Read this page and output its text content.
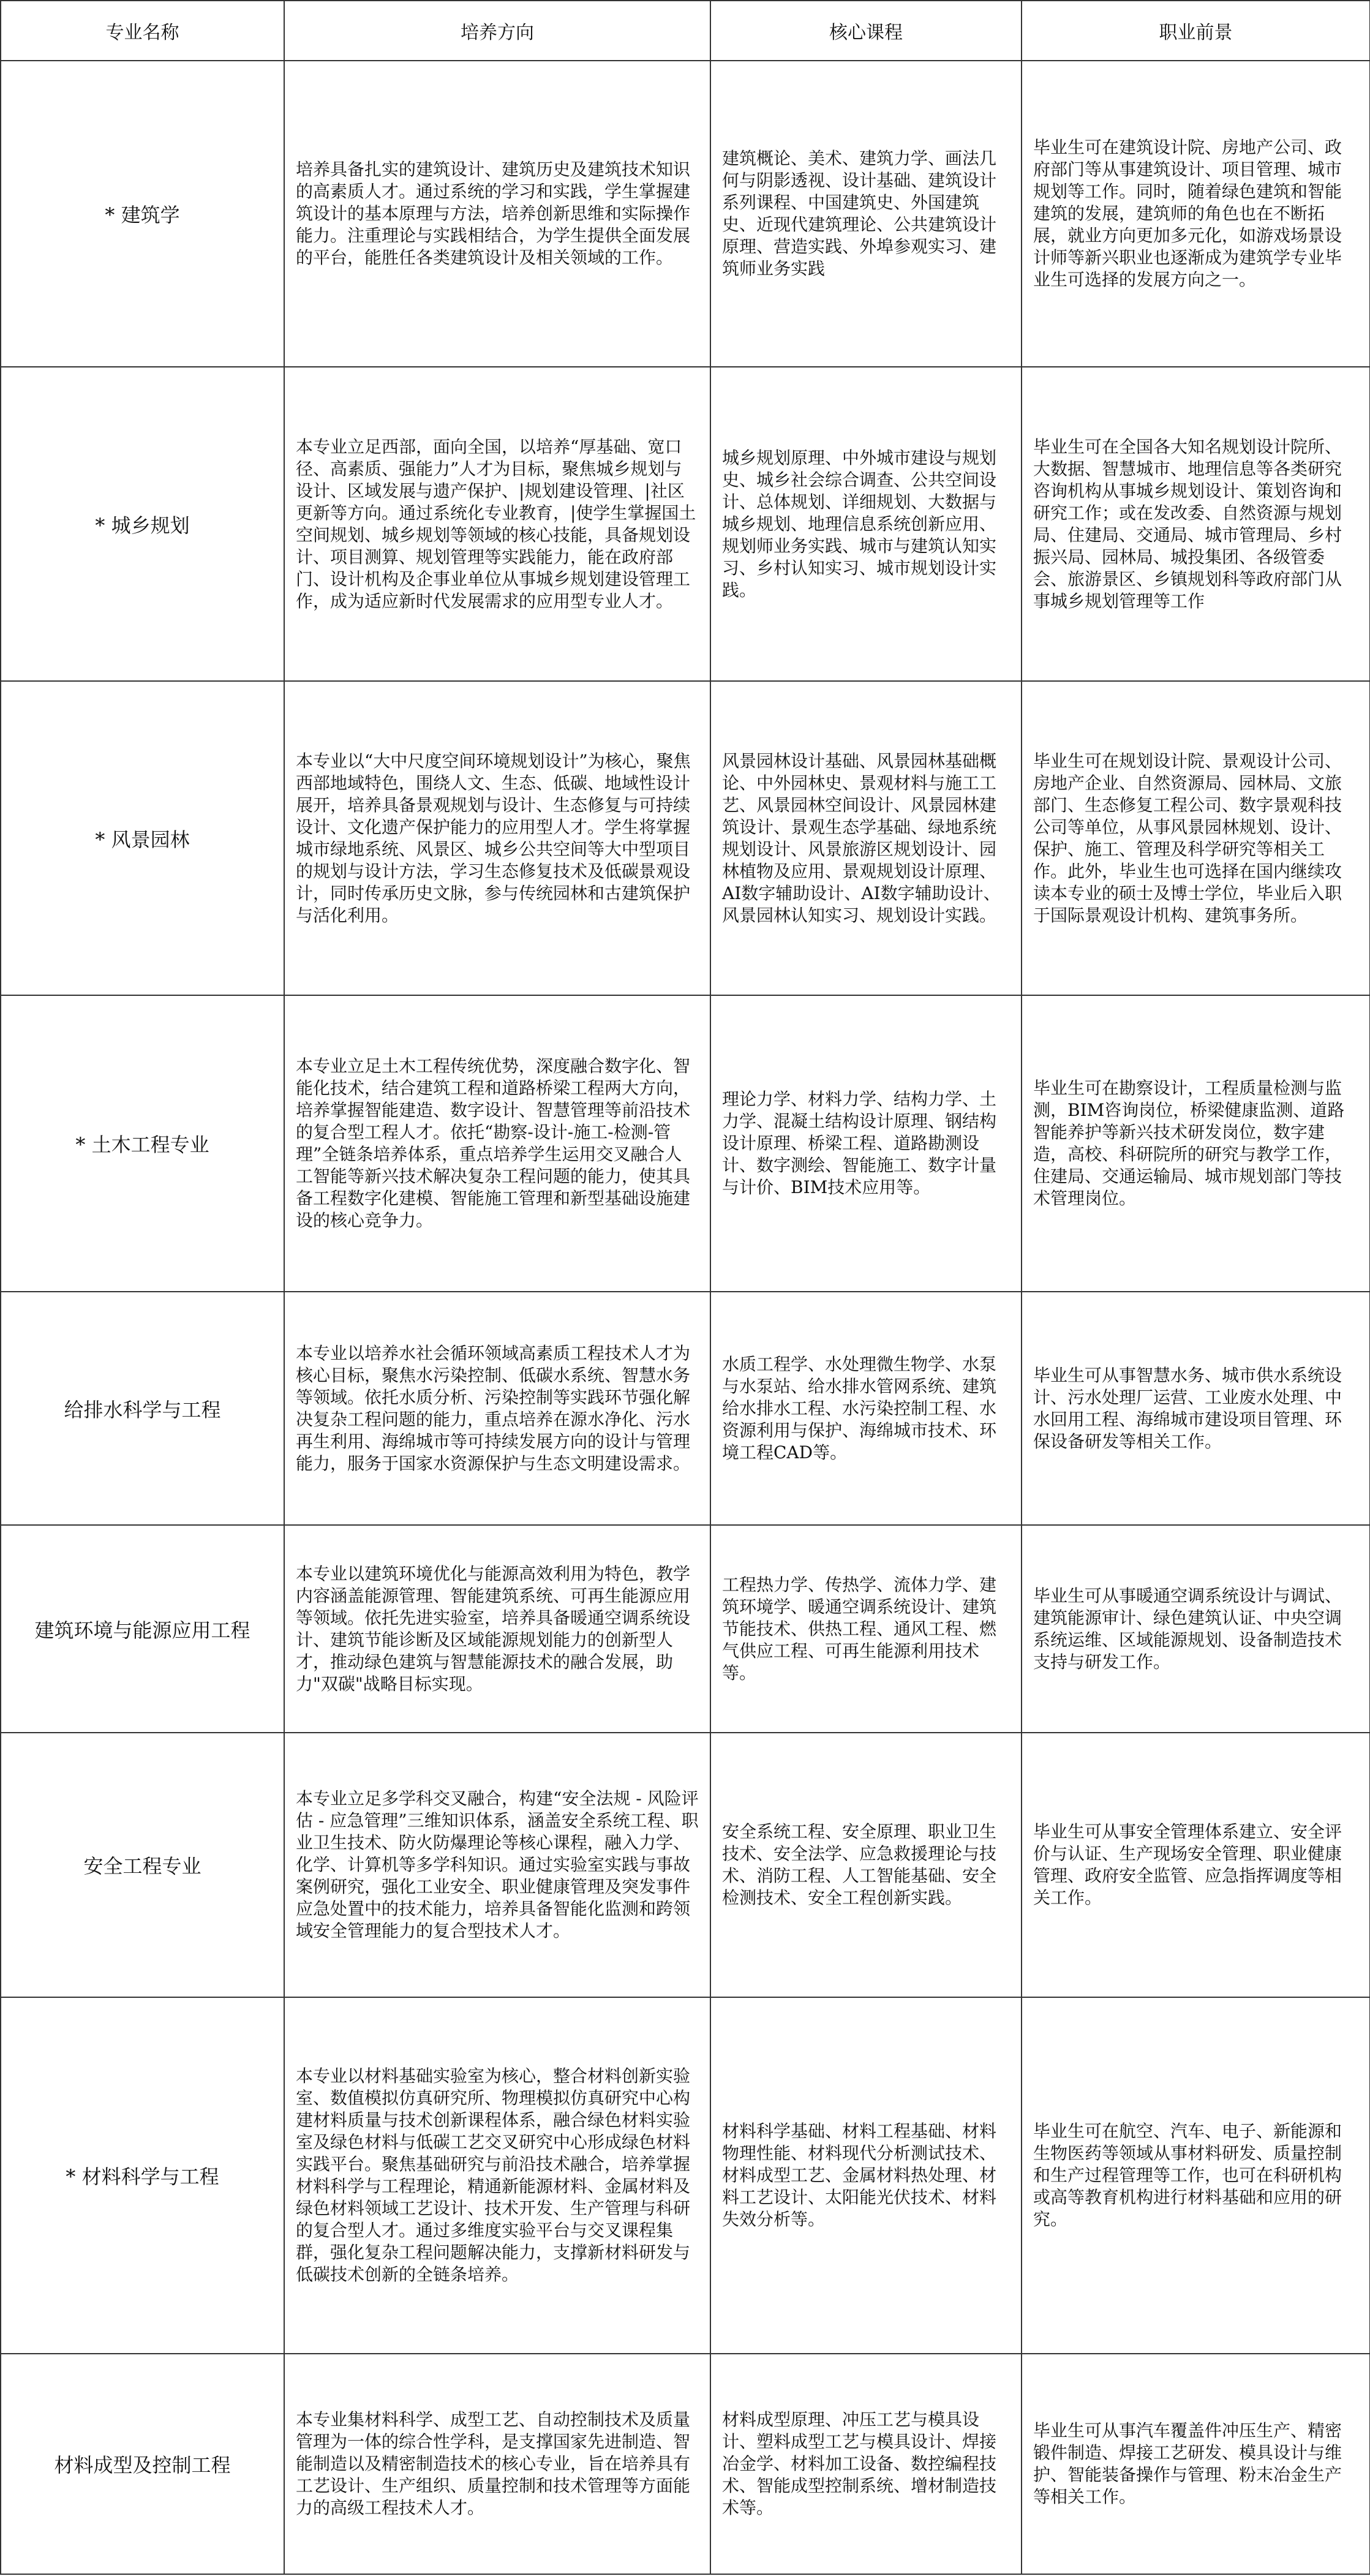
专业名称	培养方向	核心课程	职业前景
* 建筑学	培养具备扎实的建筑设计、建筑历史及建筑技术知识的高素质人才。通过系统的学习和实践，学生掌握建筑设计的基本原理与方法，培养创新思维和实际操作能力。注重理论与实践相结合，为学生提供全面发展的平台，能胜任各类建筑设计及相关领域的工作。	建筑概论、美术、建筑力学、画法几何与阴影透视、设计基础、建筑设计系列课程、中国建筑史、外国建筑史、近现代建筑理论、公共建筑设计原理、营造实践、外埠参观实习、建筑师业务实践	毕业生可在建筑设计院、房地产公司、政府部门等从事建筑设计、项目管理、城市规划等工作。同时，随着绿色建筑和智能建筑的发展，建筑师的角色也在不断拓展，就业方向更加多元化，如游戏场景设计师等新兴职业也逐渐成为建筑学专业毕业生可选择的发展方向之一。
* 城乡规划	本专业立足西部，面向全国，以培养“厚基础、宽口径、高素质、强能力”人才为目标，聚焦城乡规划与设计、区域发展与遗产保护、|规划建设管理、|社区更新等方向。通过系统化专业教育，|使学生掌握国土空间规划、城乡规划等领域的核心技能，具备规划设计、项目测算、规划管理等实践能力，能在政府部门、设计机构及企事业单位从事城乡规划建设管理工作，成为适应新时代发展需求的应用型专业人才。	城乡规划原理、中外城市建设与规划史、城乡社会综合调查、公共空间设计、总体规划、详细规划、大数据与城乡规划、地理信息系统创新应用、规划师业务实践、城市与建筑认知实习、乡村认知实习、城市规划设计实践。	毕业生可在全国各大知名规划设计院所、大数据、智慧城市、地理信息等各类研究咨询机构从事城乡规划设计、策划咨询和研究工作；或在发改委、自然资源与规划局、住建局、交通局、城市管理局、乡村振兴局、园林局、城投集团、各级管委会、旅游景区、乡镇规划科等政府部门从事城乡规划管理等工作
* 风景园林	本专业以“大中尺度空间环境规划设计”为核心，聚焦西部地域特色，围绕人文、生态、低碳、地域性设计展开，培养具备景观规划与设计、生态修复与可持续设计、文化遗产保护能力的应用型人才。学生将掌握城市绿地系统、风景区、城乡公共空间等大中型项目的规划与设计方法，学习生态修复技术及低碳景观设计，同时传承历史文脉，参与传统园林和古建筑保护与活化利用。	风景园林设计基础、风景园林基础概论、中外园林史、景观材料与施工工艺、风景园林空间设计、风景园林建筑设计、景观生态学基础、绿地系统规划设计、风景旅游区规划设计、园林植物及应用、景观规划设计原理、AI数字辅助设计、AI数字辅助设计、风景园林认知实习、规划设计实践。	毕业生可在规划设计院、景观设计公司、房地产企业、自然资源局、园林局、文旅部门、生态修复工程公司、数字景观科技公司等单位，从事风景园林规划、设计、保护、施工、管理及科学研究等相关工作。此外，毕业生也可选择在国内继续攻读本专业的硕士及博士学位，毕业后入职于国际景观设计机构、建筑事务所。
* 土木工程专业	本专业立足土木工程传统优势，深度融合数字化、智能化技术，结合建筑工程和道路桥梁工程两大方向，培养掌握智能建造、数字设计、智慧管理等前沿技术的复合型工程人才。依托“勘察-设计-施工-检测-管理”全链条培养体系，重点培养学生运用交叉融合人工智能等新兴技术解决复杂工程问题的能力，使其具备工程数字化建模、智能施工管理和新型基础设施建设的核心竞争力。	理论力学、材料力学、结构力学、土力学、混凝土结构设计原理、钢结构设计原理、桥梁工程、道路勘测设计、数字测绘、智能施工、数字计量与计价、BIM技术应用等。	毕业生可在勘察设计，工程质量检测与监测，BIM咨询岗位，桥梁健康监测、道路智能养护等新兴技术研发岗位，数字建造，高校、科研院所的研究与教学工作，住建局、交通运输局、城市规划部门等技术管理岗位。
给排水科学与工程	本专业以培养水社会循环领域高素质工程技术人才为核心目标，聚焦水污染控制、低碳水系统、智慧水务等领域。依托水质分析、污染控制等实践环节强化解决复杂工程问题的能力，重点培养在源水净化、污水再生利用、海绵城市等可持续发展方向的设计与管理能力，服务于国家水资源保护与生态文明建设需求。	水质工程学、水处理微生物学、水泵与水泵站、给水排水管网系统、建筑给水排水工程、水污染控制工程、水资源利用与保护、海绵城市技术、环境工程CAD等。	毕业生可从事智慧水务、城市供水系统设计、污水处理厂运营、工业废水处理、中水回用工程、海绵城市建设项目管理、环保设备研发等相关工作。
建筑环境与能源应用工程	本专业以建筑环境优化与能源高效利用为特色，教学内容涵盖能源管理、智能建筑系统、可再生能源应用等领域。依托先进实验室，培养具备暖通空调系统设计、建筑节能诊断及区域能源规划能力的创新型人才，推动绿色建筑与智慧能源技术的融合发展，助力"双碳"战略目标实现。	工程热力学、传热学、流体力学、建筑环境学、暖通空调系统设计、建筑节能技术、供热工程、通风工程、燃气供应工程、可再生能源利用技术等。	毕业生可从事暖通空调系统设计与调试、建筑能源审计、绿色建筑认证、中央空调系统运维、区域能源规划、设备制造技术支持与研发工作。
安全工程专业	本专业立足多学科交叉融合，构建“安全法规 - 风险评估 - 应急管理”三维知识体系，涵盖安全系统工程、职业卫生技术、防火防爆理论等核心课程，融入力学、化学、计算机等多学科知识。通过实验室实践与事故案例研究，强化工业安全、职业健康管理及突发事件应急处置中的技术能力，培养具备智能化监测和跨领域安全管理能力的复合型技术人才。	安全系统工程、安全原理、职业卫生技术、安全法学、应急救援理论与技术、消防工程、人工智能基础、安全检测技术、安全工程创新实践。	毕业生可从事安全管理体系建立、安全评价与认证、生产现场安全管理、职业健康管理、政府安全监管、应急指挥调度等相关工作。
* 材料科学与工程	本专业以材料基础实验室为核心，整合材料创新实验室、数值模拟仿真研究所、物理模拟仿真研究中心构建材料质量与技术创新课程体系，融合绿色材料实验室及绿色材料与低碳工艺交叉研究中心形成绿色材料实践平台。聚焦基础研究与前沿技术融合，培养掌握材料科学与工程理论，精通新能源材料、金属材料及绿色材料领域工艺设计、技术开发、生产管理与科研的复合型人才。通过多维度实验平台与交叉课程集群，强化复杂工程问题解决能力，支撑新材料研发与低碳技术创新的全链条培养。	材料科学基础、材料工程基础、材料物理性能、材料现代分析测试技术、材料成型工艺、金属材料热处理、材料工艺设计、太阳能光伏技术、材料失效分析等。	毕业生可在航空、汽车、电子、新能源和生物医药等领域从事材料研发、质量控制和生产过程管理等工作，也可在科研机构或高等教育机构进行材料基础和应用的研究。
材料成型及控制工程	本专业集材料科学、成型工艺、自动控制技术及质量管理为一体的综合性学科，是支撑国家先进制造、智能制造以及精密制造技术的核心专业，旨在培养具有工艺设计、生产组织、质量控制和技术管理等方面能力的高级工程技术人才。	材料成型原理、冲压工艺与模具设计、塑料成型工艺与模具设计、焊接冶金学、材料加工设备、数控编程技术、智能成型控制系统、增材制造技术等。	毕业生可从事汽车覆盖件冲压生产、精密锻件制造、焊接工艺研发、模具设计与维护、智能装备操作与管理、粉末冶金生产等相关工作。
